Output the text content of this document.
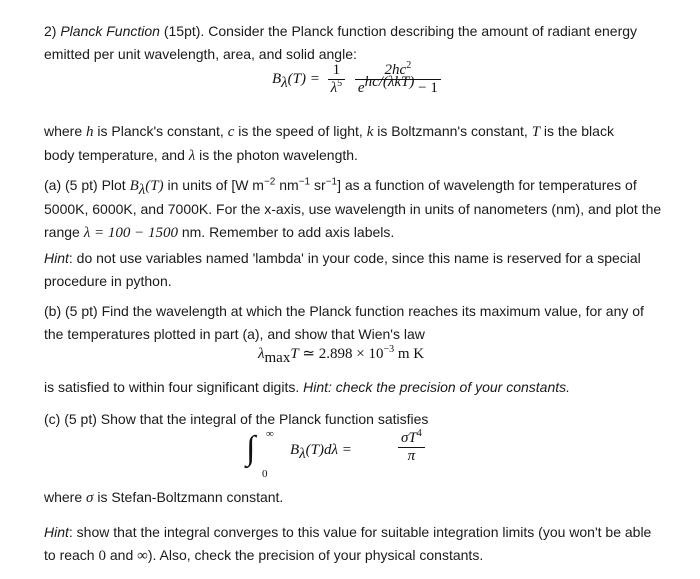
2) Planck Function (15pt). Consider the Planck function describing the amount of radiant energy
emitted per unit wavelength, area, and solid angle:

$B_\lambda(T) = \frac{1}{\lambda^5}$
$\frac{2hc^2}{e^{hc/(\lambda kT)} - 1}$

where h is Planck's constant, c is the speed of light, k is Boltzmann's constant, T is the black
body temperature, and λ is the photon wavelength.

(a) (5 pt) Plot $B_\lambda(T)$ in units of [W $m^{-2}$ $nm^{-1}$ $sr^{-1}$] as a function of wavelength for temperatures of
5000K, 6000K, and 7000K. For the x-axis, use wavelength in units of nanometers (nm), and plot the
range λ = 100 − 1500 nm. Remember to add axis labels.

Hint: do not use variables named 'lambda' in your code, since this name is reserved for a special
procedure in python.

(b) (5 pt) Find the wavelength at which the Planck function reaches its maximum value, for any of
the temperatures plotted in part (a), and show that Wien's law

$\lambda_{max}T$ ≃ $2.898 \times 10^{-3}$ m K

is satisfied to within four significant digits. Hint: check the precision of your constants.

(c) (5 pt) Show that the integral of the Planck function satisfies

∫ ∞
0
$B_\lambda(T)d\lambda$ =	$\frac{\sigma T^4}{\pi}$

where σ is Stefan-Boltzmann constant.

Hint: show that the integral converges to this value for suitable integration limits (you won't be able
to reach 0 and ∞). Also, check the precision of your physical constants.
